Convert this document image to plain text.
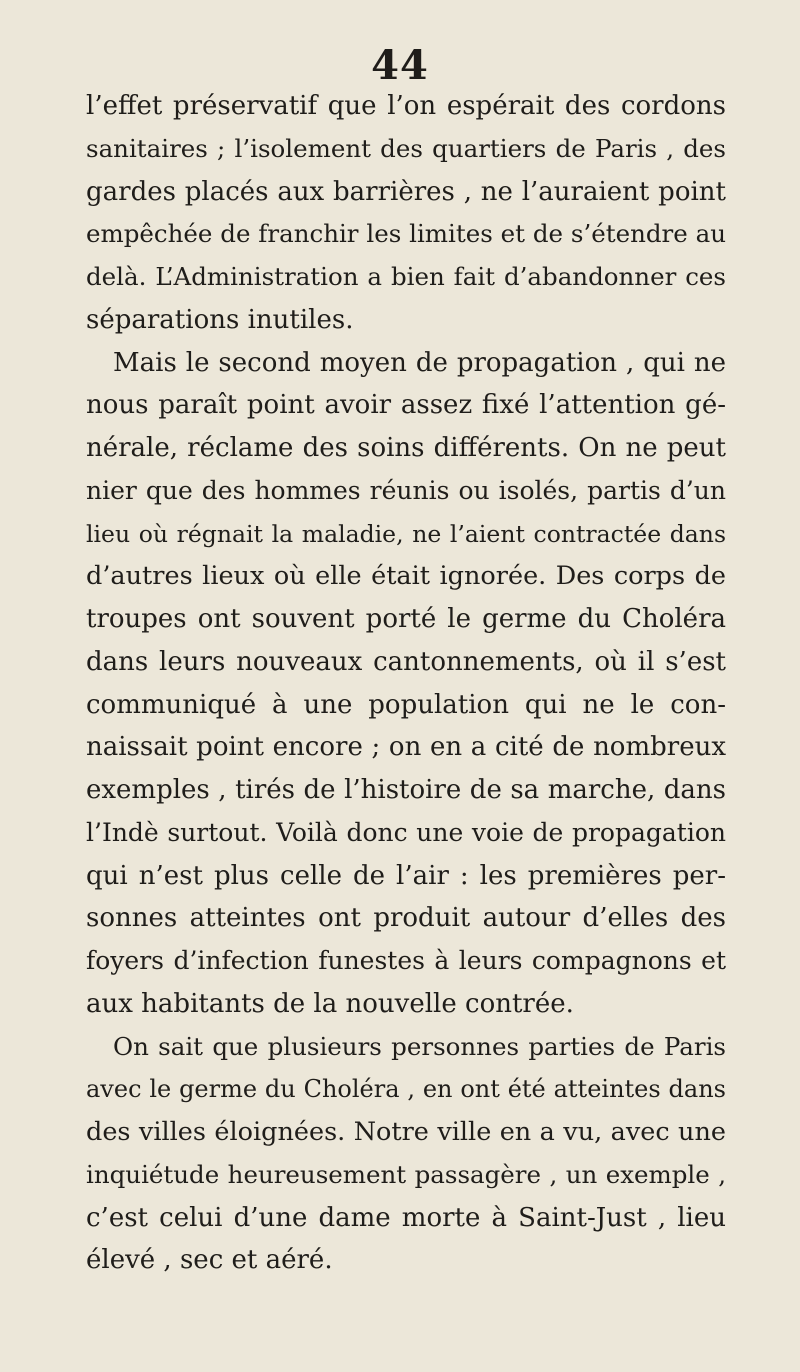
44
l’effet préservatif que l’on espérait des cordons
sanitaires ; l’isolement des quartiers de Paris , des
gardes placés aux barrières , ne l’auraient point
empêchée de franchir les limites et de s’étendre au
delà. L’Administration a bien fait d’abandonner ces
séparations inutiles.
Mais le second moyen de propagation , qui ne
nous paraît point avoir assez fixé l’attention gé-
nérale, réclame des soins différents. On ne peut
nier que des hommes réunis ou isolés, partis d’un
lieu où régnait la maladie, ne l’aient contractée dans
d’autres lieux où elle était ignorée. Des corps de
troupes ont souvent porté le germe du Choléra
dans leurs nouveaux cantonnements, où il s’est
communiqué à une population qui ne le con-
naissait point encore ; on en a cité de nombreux
exemples , tirés de l’histoire de sa marche, dans
l’Indè surtout. Voilà donc une voie de propagation
qui n’est plus celle de l’air : les premières per-
sonnes atteintes ont produit autour d’elles des
foyers d’infection funestes à leurs compagnons et
aux habitants de la nouvelle contrée.
On sait que plusieurs personnes parties de Paris
avec le germe du Choléra , en ont été atteintes dans
des villes éloignées. Notre ville en a vu, avec une
inquiétude heureusement passagère , un exemple ,
c’est celui d’une dame morte à Saint-Just , lieu
élevé , sec et aéré.
